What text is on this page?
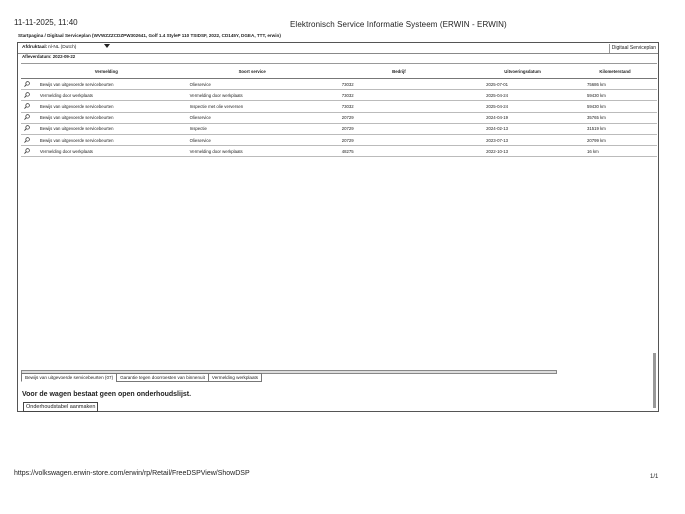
11-11-2025, 11:40	Elektronisch Service Informatie Systeem (ERWIN - ERWIN)
Startpagina / Digitaal Serviceplan (WVWZZZCDZPW302641, Golf 1.4 StyleP 110 TSIDSF, 2022, CD145Y, DGEA, TTT, erwin)
Afdruktaal: nl-NL (Dutch)	Digitaal Serviceplan
Afleverdatum: 2022-09-22
	Vermelding	Soort service	Bedrijf	Uitvoeringsdatum	Kilometerstand
	Bewijs van uitgevoerde servicebeurten	Olieservice	73032	2025-07-01	75686 km
	Vermelding door werkplaats	Vermelding door werkplaats	73032	2025-04-24	59430 km
	Bewijs van uitgevoerde servicebeurten	Inspectie met olie verversen	73032	2025-04-24	59430 km
	Bewijs van uitgevoerde servicebeurten	Olieservice	20729	2024-04-19	35765 km
	Bewijs van uitgevoerde servicebeurten	Inspectie	20729	2024-02-13	31519 km
	Bewijs van uitgevoerde servicebeurten	Olieservice	20729	2023-07-13	20799 km
	Vermelding door werkplaats	Vermelding door werkplaats	48275	2022-10-13	16 km
Bewijs van uitgevoerde servicebeurten (07)	Garantie tegen doorroesten van binnenuit	Vermelding werkplaats
Voor de wagen bestaat geen open onderhoudslijst.
Onderhoudstabel aanmaken
https://volkswagen.erwin-store.com/erwin/rp/Retail/FreeDSPView/ShowDSP	1/1
